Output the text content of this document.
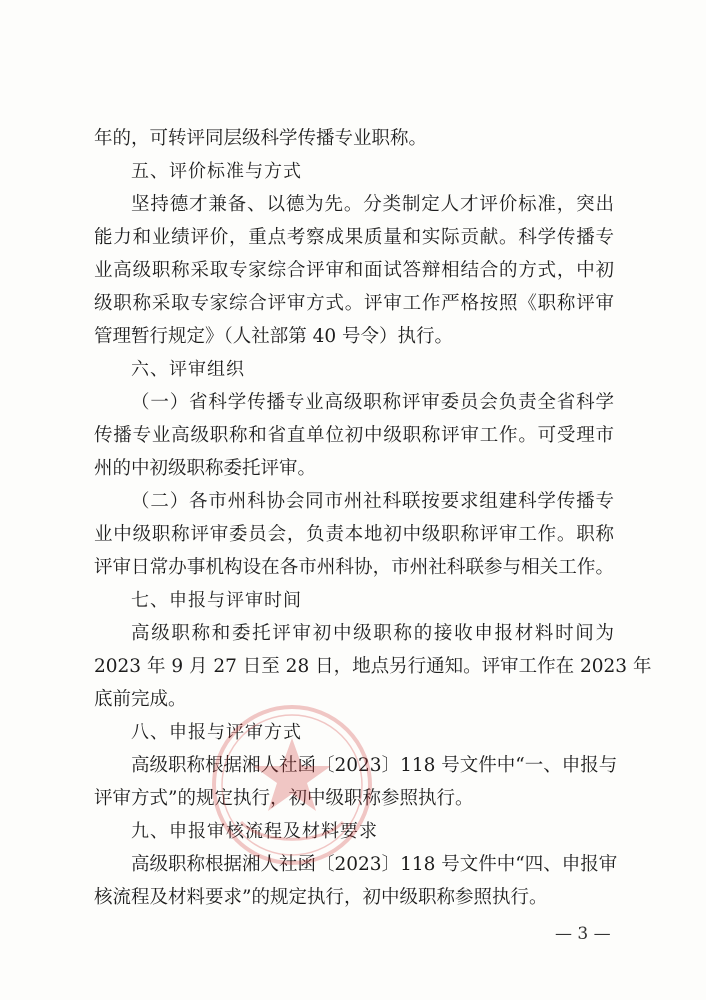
年的，可转评同层级科学传播专业职称。
五、评价标准与方式
坚持德才兼备、以德为先。分类制定人才评价标准，突出
能力和业绩评价，重点考察成果质量和实际贡献。科学传播专
业高级职称采取专家综合评审和面试答辩相结合的方式，中初
级职称采取专家综合评审方式。评审工作严格按照《职称评审
管理暂行规定》（人社部第 40 号令）执行。
六、评审组织
（一）省科学传播专业高级职称评审委员会负责全省科学
传播专业高级职称和省直单位初中级职称评审工作。可受理市
州的中初级职称委托评审。
（二）各市州科协会同市州社科联按要求组建科学传播专
业中级职称评审委员会，负责本地初中级职称评审工作。职称
评审日常办事机构设在各市州科协，市州社科联参与相关工作。
七、申报与评审时间
高级职称和委托评审初中级职称的接收申报材料时间为
2023 年 9 月 27 日至 28 日，地点另行通知。评审工作在 2023 年
底前完成。
八、申报与评审方式
高级职称根据湘人社函〔2023〕118 号文件中“一、申报与
评审方式”的规定执行，初中级职称参照执行。
九、申报审核流程及材料要求
高级职称根据湘人社函〔2023〕118 号文件中“四、申报审
核流程及材料要求”的规定执行，初中级职称参照执行。
— 3 —
